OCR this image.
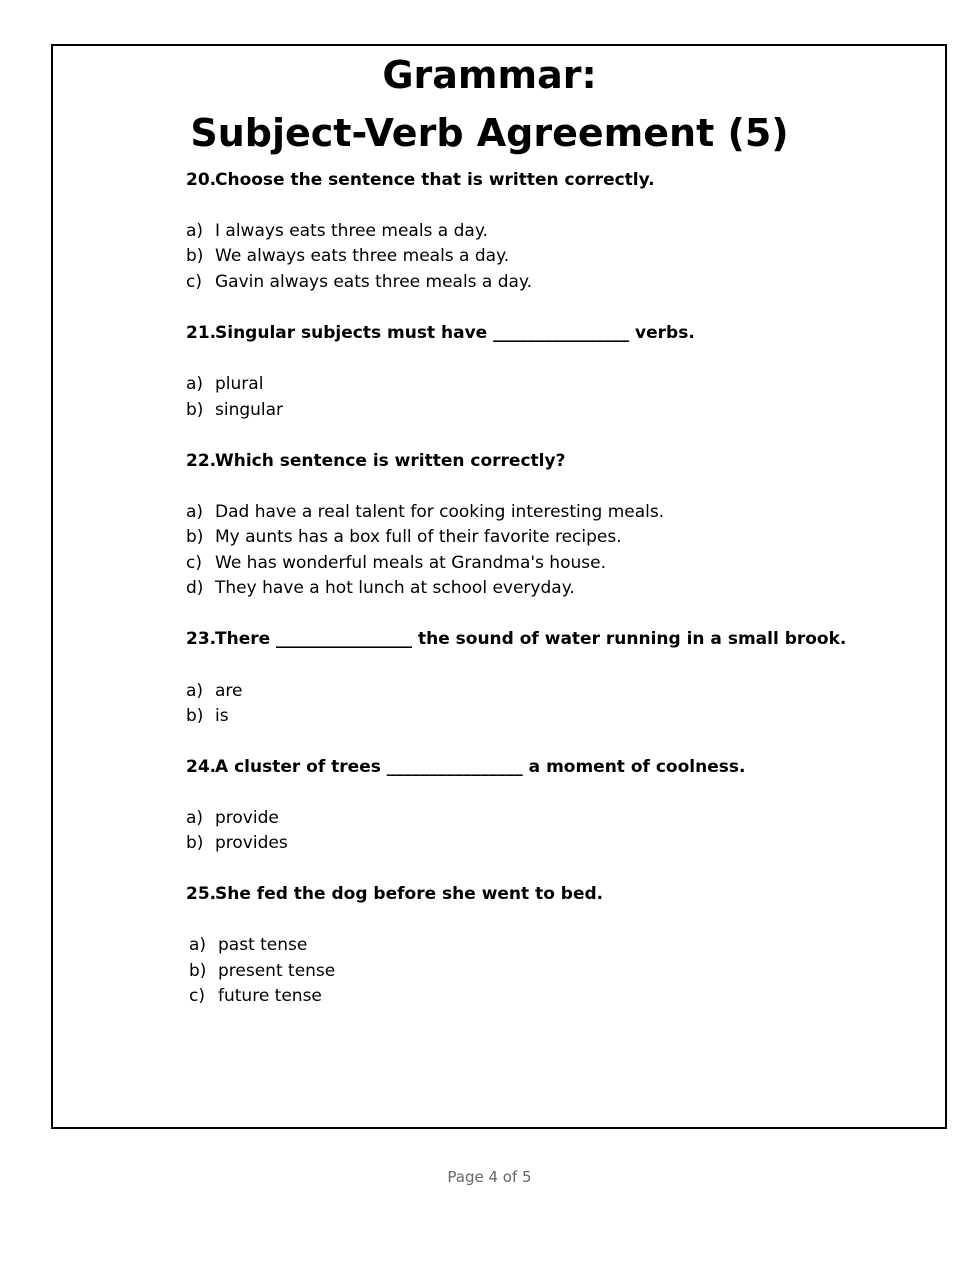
Grammar:
Subject-Verb Agreement (5)
20.Choose the sentence that is written correctly.
a) I always eats three meals a day.
b) We always eats three meals a day.
c) Gavin always eats three meals a day.
21.Singular subjects must have ________________ verbs.
a) plural
b) singular
22.Which sentence is written correctly?
a) Dad have a real talent for cooking interesting meals.
b) My aunts has a box full of their favorite recipes.
c) We has wonderful meals at Grandma's house.
d) They have a hot lunch at school everyday.
23.There ________________ the sound of water running in a small brook.
a) are
b) is
24.A cluster of trees ________________ a moment of coolness.
a) provide
b) provides
25.She fed the dog before she went to bed.
a) past tense
b) present tense
c) future tense
Page 4 of 5
